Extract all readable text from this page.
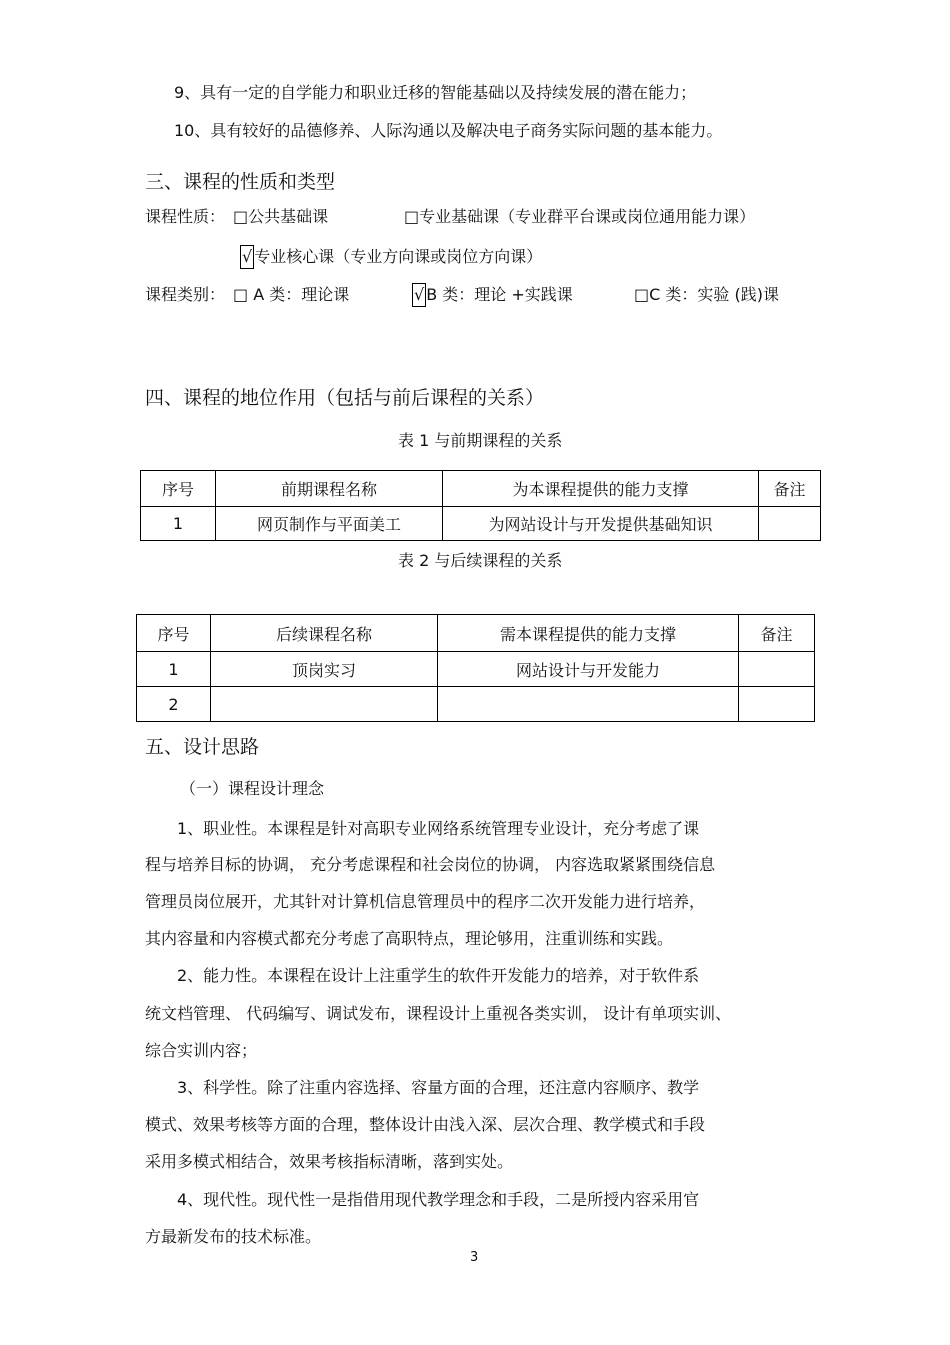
9、具有一定的自学能力和职业迁移的智能基础以及持续发展的潜在能力；
10、具有较好的品德修养、人际沟通以及解决电子商务实际问题的基本能力。
三、课程的性质和类型
课程性质： □公共基础课	□专业基础课（专业群平台课或岗位通用能力课）
√ 专业核心课（专业方向课或岗位方向课）
课程类别： □ A 类：理论课	√ B 类：理论 +实践课	□C 类：实验 (践)课
四、课程的地位作用（包括与前后课程的关系）
表 1 与前期课程的关系
序号	前期课程名称	为本课程提供的能力支撑	备注
1	网页制作与平面美工	为网站设计与开发提供基础知识	
表 2 与后续课程的关系
序号	后续课程名称	需本课程提供的能力支撑	备注
1	顶岗实习	网站设计与开发能力	
2			
五、设计思路
（一）课程设计理念
1、职业性。本课程是针对高职专业网络系统管理专业设计，充分考虑了课
程与培养目标的协调， 充分考虑课程和社会岗位的协调， 内容选取紧紧围绕信息
管理员岗位展开，尤其针对计算机信息管理员中的程序二次开发能力进行培养，
其内容量和内容模式都充分考虑了高职特点，理论够用，注重训练和实践。
2、能力性。本课程在设计上注重学生的软件开发能力的培养，对于软件系
统文档管理、 代码编写、调试发布，课程设计上重视各类实训， 设计有单项实训、
综合实训内容；
3、科学性。除了注重内容选择、容量方面的合理，还注意内容顺序、教学
模式、效果考核等方面的合理，整体设计由浅入深、层次合理、教学模式和手段
采用多模式相结合，效果考核指标清晰，落到实处。
4、现代性。现代性一是指借用现代教学理念和手段，二是所授内容采用官
方最新发布的技术标准。
3
